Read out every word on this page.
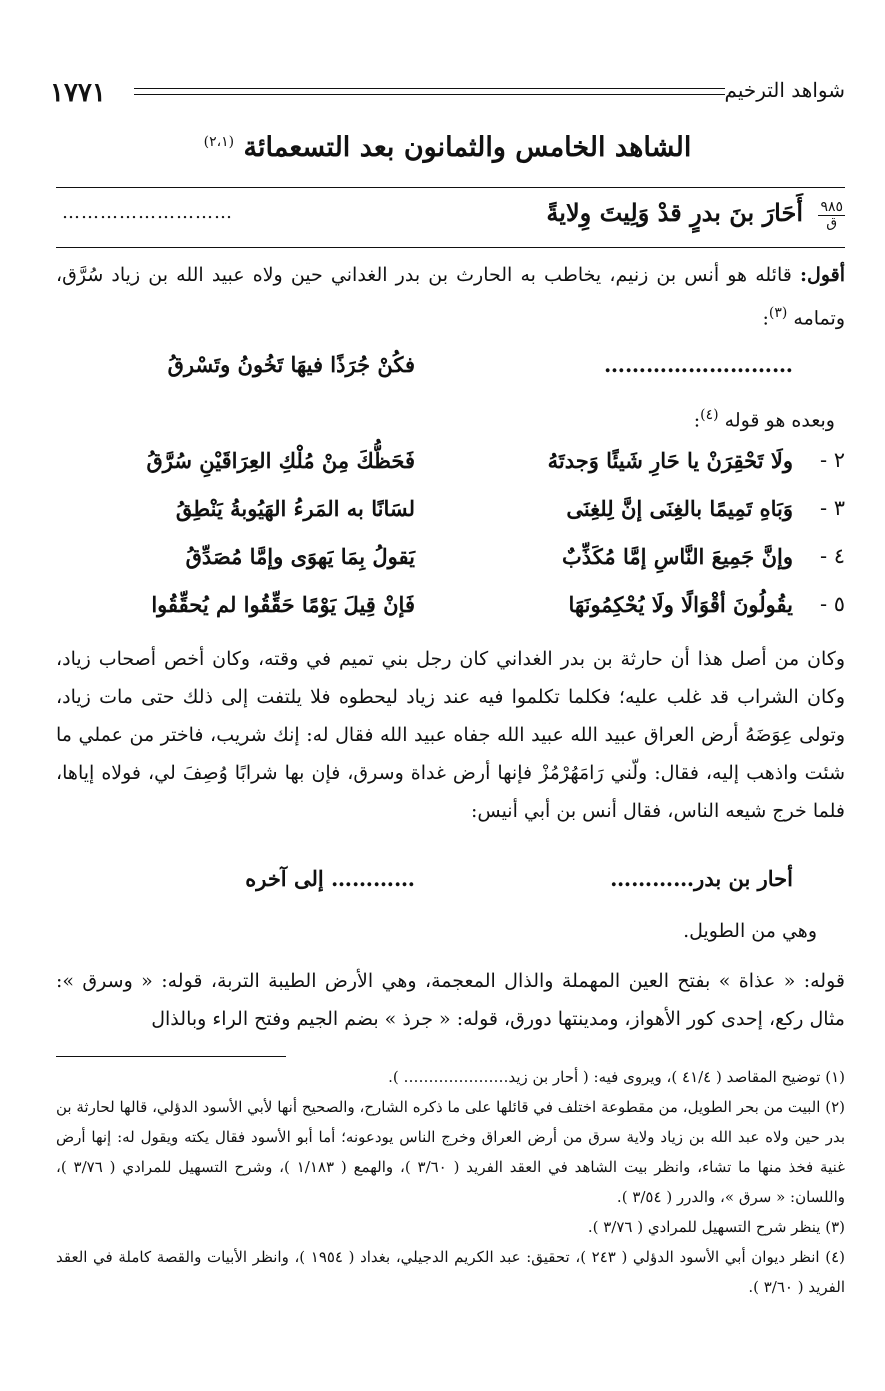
١٧٧١	شواهد الترخيم
الشاهد الخامس والثمانون بعد التسعمائة $^{(٢،١)}$
٩٨٥
ق
أَحَارَ بنَ بدرٍ قدْ وَلِيتَ وِلايةً
………………………
أقول: قائله هو أنس بن زنيم، يخاطب به الحارث بن بدر الغداني حين ولاه عبيد الله بن زياد سُرَّق، وتمامه $^{(٣)}$:
………………………
فكُنْ جُرَذًا فيهَا تَخُونُ وتَسْرقُ
وبعده هو قوله $^{(٤)}$:
٢ -
ولَا تَحْقِرَنْ يا حَارِ شَيئًا وَجدتَهُ
فَحَظُّكَ مِنْ مُلْكِ العِرَاقَيْنِ سُرَّقُ
٣ -
وَبَاهِ تَمِيمًا بالغِنَى إنَّ لِلغِنَى
لسَانًا به المَرءُ الهَيُوبةُ يَنْطِقُ
٤ -
وإنَّ جَمِيعَ النَّاسِ إمَّا مُكَذِّبٌ
يَقولُ بِمَا يَهوَى وإمَّا مُصَدِّقُ
٥ -
يقُولُونَ أقْوَالًا ولَا يُحْكِمُونَهَا
فَإنْ قِيلَ يَوْمًا حَقِّقُوا لم يُحقِّقُوا
وكان من أصل هذا أن حارثة بن بدر الغداني كان رجل بني تميم في وقته، وكان أخص أصحاب زياد، وكان الشراب قد غلب عليه؛ فكلما تكلموا فيه عند زياد ليحطوه فلا يلتفت إلى ذلك حتى مات زياد، وتولى عِوَضَهُ أرض العراق عبيد الله عبيد الله جفاه عبيد الله فقال له: إنك شريب، فاختر من عملي ما شئت واذهب إليه، فقال: ولّني رَامَهُرْمُزْ فإنها أرض غداة وسرق، فإن بها شرابًا وُصِفَ لي، فولاه إياها، فلما خرج شيعه الناس، فقال أنس بن أبي أنيس:
أحار بن بدر…………
………… إلى آخره
وهي من الطويل.
قوله: « عذاة » بفتح العين المهملة والذال المعجمة، وهي الأرض الطيبة التربة، قوله: « وسرق »: مثال ركع، إحدى كور الأهواز، ومدينتها دورق، قوله: « جرذ » بضم الجيم وفتح الراء وبالذال
(١) توضيح المقاصد ( ٤١/٤ )، ويروى فيه: ( أحار بن زيد………………… ).
(٢) البيت من بحر الطويل، من مقطوعة اختلف في قائلها على ما ذكره الشارح، والصحيح أنها لأبي الأسود الدؤلي، قالها لحارثة بن بدر حين ولاه عبد الله بن زياد ولاية سرق من أرض العراق وخرج الناس يودعونه؛ أما أبو الأسود فقال يكته ويقول له: إنها أرض غنية فخذ منها ما تشاء، وانظر بيت الشاهد في العقد الفريد ( ٣/٦٠ )، والهمع ( ١/١٨٣ )، وشرح التسهيل للمرادي ( ٣/٧٦ )، واللسان: « سرق »، والدرر ( ٣/٥٤ ).
(٣) ينظر شرح التسهيل للمرادي ( ٣/٧٦ ).
(٤) انظر ديوان أبي الأسود الدؤلي ( ٢٤٣ )، تحقيق: عبد الكريم الدجيلي، بغداد ( ١٩٥٤ )، وانظر الأبيات والقصة كاملة في العقد الفريد ( ٣/٦٠ ).
